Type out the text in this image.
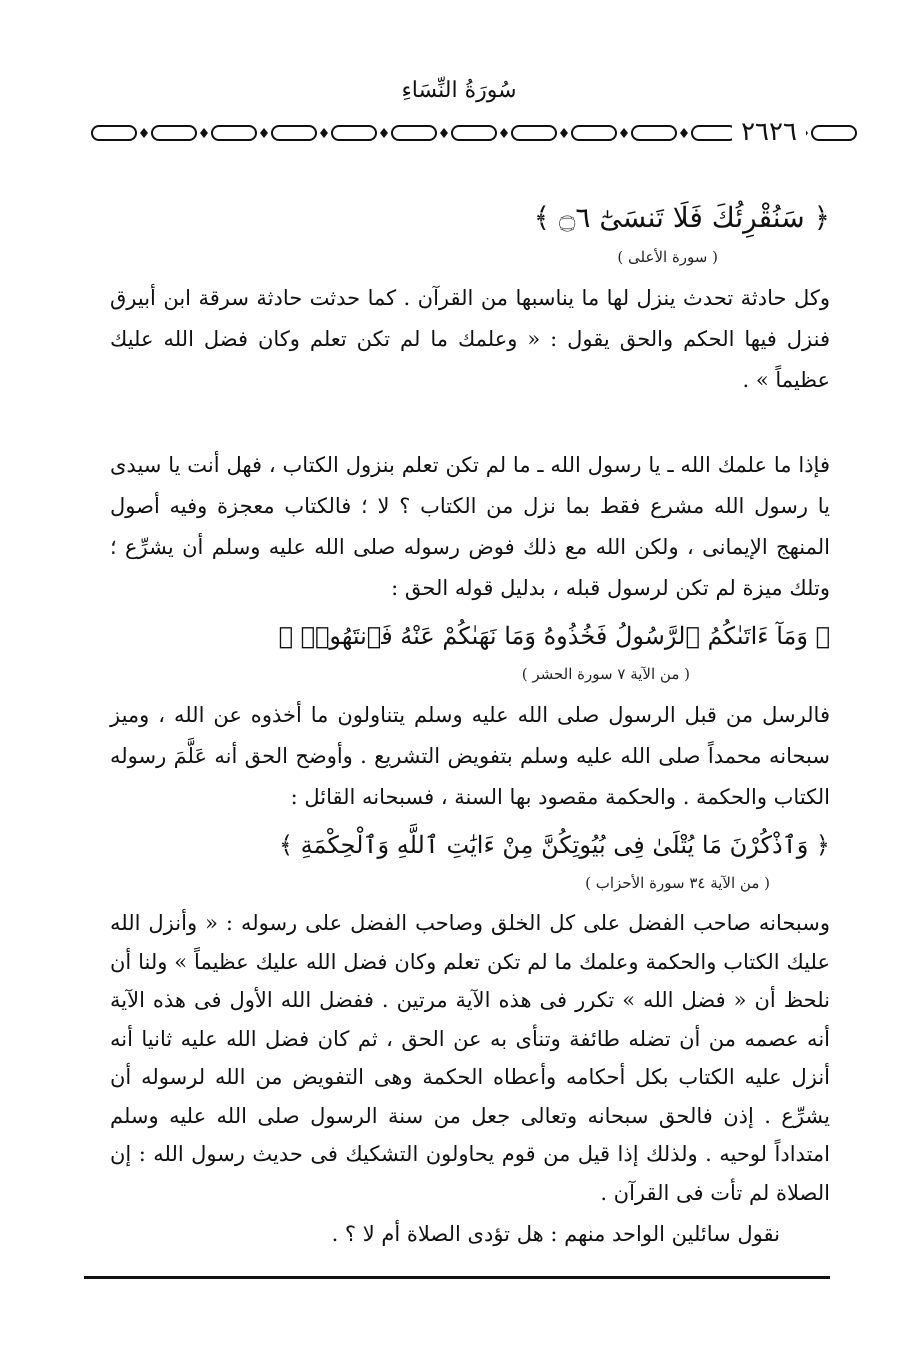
سُورَةُ النِّسَاءِ
٢٦٢٦

﴿ سَنُقْرِئُكَ فَلَا تَنسَىٰٓ ۝٦ ﴾

( سورة الأعلى )

وكل حادثة تحدث ينزل لها ما يناسبها من القرآن . كما حدثت حادثة سرقة ابن أبيرق فنزل فيها الحكم والحق يقول : « وعلمك ما لم تكن تعلم وكان فضل الله عليك عظيماً » .

فإذا ما علمك الله ـ يا رسول الله ـ ما لم تكن تعلم بنزول الكتاب ، فهل أنت يا سيدى يا رسول الله مشرع فقط بما نزل من الكتاب ؟ لا ؛ فالكتاب معجزة وفيه أصول المنهج الإيمانى ، ولكن الله مع ذلك فوض رسوله صلى الله عليه وسلم أن يشرِّع ؛ وتلك ميزة لم تكن لرسول قبله ، بدليل قوله الحق :

﴿ وَمَآ ءَاتَىٰكُمُ ٱلرَّسُولُ فَخُذُوهُ وَمَا نَهَىٰكُمْ عَنْهُ فَٱنتَهُوا۟ ﴾

( من الآية ٧ سورة الحشر )

فالرسل من قبل الرسول صلى الله عليه وسلم يتناولون ما أخذوه عن الله ، وميز سبحانه محمداً صلى الله عليه وسلم بتفويض التشريع . وأوضح الحق أنه عَلَّمَ رسوله الكتاب والحكمة . والحكمة مقصود بها السنة ، فسبحانه القائل :

﴿ وَٱذْكُرْنَ مَا يُتْلَىٰ فِى بُيُوتِكُنَّ مِنْ ءَايَٰتِ ٱللَّهِ وَٱلْحِكْمَةِ ﴾

( من الآية ٣٤ سورة الأحزاب )

وسبحانه صاحب الفضل على كل الخلق وصاحب الفضل على رسوله : « وأنزل الله عليك الكتاب والحكمة وعلمك ما لم تكن تعلم وكان فضل الله عليك عظيماً » ولنا أن نلحظ أن « فضل الله » تكرر فى هذه الآية مرتين . ففضل الله الأول فى هذه الآية أنه عصمه من أن تضله طائفة وتنأى به عن الحق ، ثم كان فضل الله عليه ثانيا أنه أنزل عليه الكتاب بكل أحكامه وأعطاه الحكمة وهى التفويض من الله لرسوله أن يشرِّع . إذن فالحق سبحانه وتعالى جعل من سنة الرسول صلى الله عليه وسلم امتداداً لوحيه . ولذلك إذا قيل من قوم يحاولون التشكيك فى حديث رسول الله : إن الصلاة لم تأت فى القرآن .

نقول سائلين الواحد منهم : هل تؤدى الصلاة أم لا ؟ .
